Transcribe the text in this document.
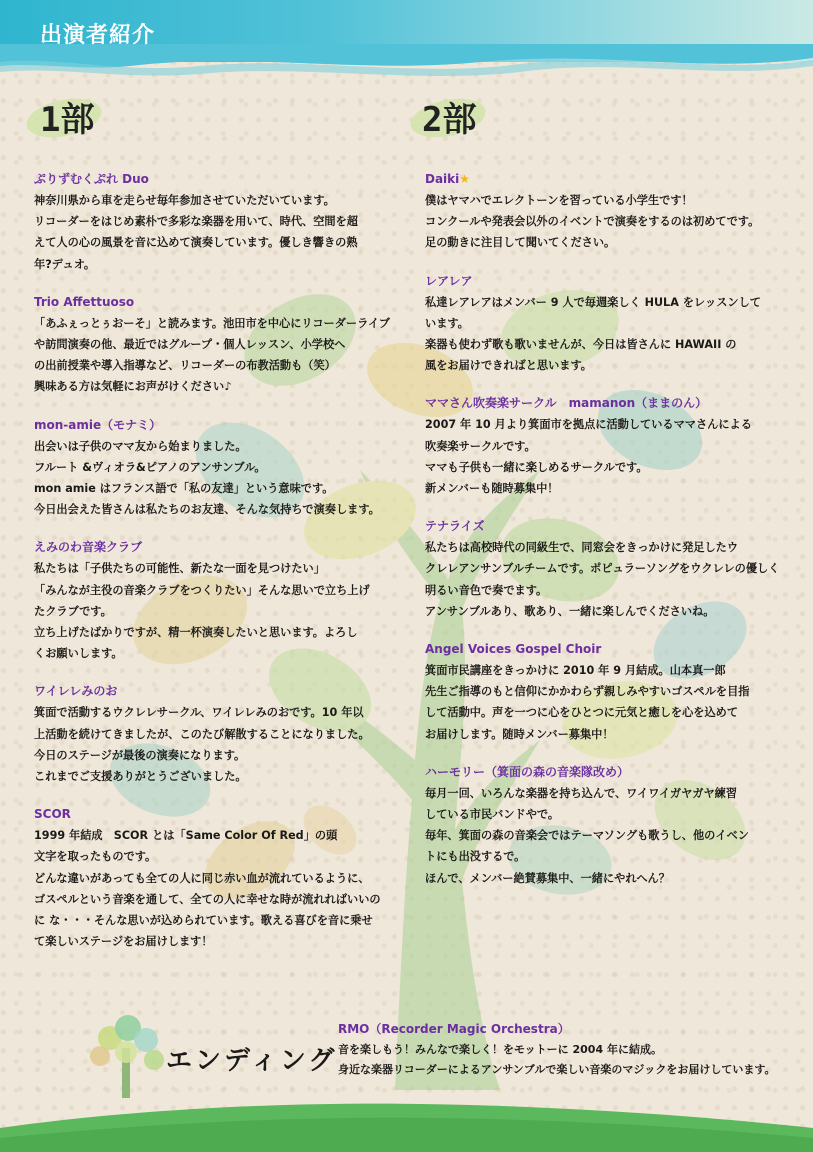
出演者紹介
1部	2部
ぷりずむくぷれ Duo
神奈川県から車を走らせ毎年参加させていただいています。
リコーダーをはじめ素朴で多彩な楽器を用いて、時代、空間を超
えて人の心の風景を音に込めて演奏しています。優しき響きの熟
年?デュオ。
Trio Affettuoso
「あふぇっとぅおーそ」と読みます。池田市を中心にリコーダーライブ
や訪問演奏の他、最近ではグループ・個人レッスン、小学校へ
の出前授業や導入指導など、リコーダーの布教活動も（笑）
興味ある方は気軽にお声がけください♪
mon-amie（モナミ）
出会いは子供のママ友から始まりました。
フルート &ヴィオラ&ピアノのアンサンブル。
mon amie はフランス語で「私の友達」という意味です。
今日出会えた皆さんは私たちのお友達、そんな気持ちで演奏します。
えみのわ音楽クラブ
私たちは「子供たちの可能性、新たな一面を見つけたい」
「みんなが主役の音楽クラブをつくりたい」そんな思いで立ち上げ
たクラブです。
立ち上げたばかりですが、精一杯演奏したいと思います。よろし
くお願いします。
ワイレレみのお
箕面で活動するウクレレサークル、ワイレレみのおです。10 年以
上活動を続けてきましたが、このたび解散することになりました。
今日のステージが最後の演奏になります。
これまでご支援ありがとうございました。
SCOR
1999 年結成　SCOR とは「Same Color Of Red」の頭
文字を取ったものです。
どんな違いがあっても全ての人に同じ赤い血が流れているように、
ゴスペルという音楽を通して、全ての人に幸せな時が流れればいいの
に な・・・そんな思いが込められています。歌える喜びを音に乗せ
て楽しいステージをお届けします！
Daiki★
僕はヤマハでエレクトーンを習っている小学生です！
コンクールや発表会以外のイベントで演奏をするのは初めてです。
足の動きに注目して聞いてください。
レアレア
私達レアレアはメンバー 9 人で毎週楽しく HULA をレッスンして
います。
楽器も使わず歌も歌いませんが、今日は皆さんに HAWAII の
風をお届けできればと思います。
ママさん吹奏楽サークル　mamanon（ままのん）
2007 年 10 月より箕面市を拠点に活動しているママさんによる
吹奏楽サークルです。
ママも子供も一緒に楽しめるサークルです。
新メンバーも随時募集中！
テナライズ
私たちは高校時代の同級生で、同窓会をきっかけに発足したウ
クレレアンサンブルチームです。ポピュラーソングをウクレレの優しく
明るい音色で奏でます。
アンサンブルあり、歌あり、一緒に楽しんでくださいね。
Angel Voices Gospel Choir
箕面市民講座をきっかけに 2010 年 9 月結成。山本真一郎
先生ご指導のもと信仰にかかわらず親しみやすいゴスペルを目指
して活動中。声を一つに心をひとつに元気と癒しを心を込めて
お届けします。随時メンバー募集中！
ハーモリー（箕面の森の音楽隊改め）
毎月一回、いろんな楽器を持ち込んで、ワイワイガヤガヤ練習
している市民バンドやで。
毎年、箕面の森の音楽会ではテーマソングも歌うし、他のイベン
トにも出没するで。
ほんで、メンバー絶賛募集中、一緒にやれへん？
エンディング
RMO（Recorder Magic Orchestra）
音を楽しもう！みんなで楽しく！をモットーに 2004 年に結成。
身近な楽器リコーダーによるアンサンブルで楽しい音楽のマジックをお届けしています。
